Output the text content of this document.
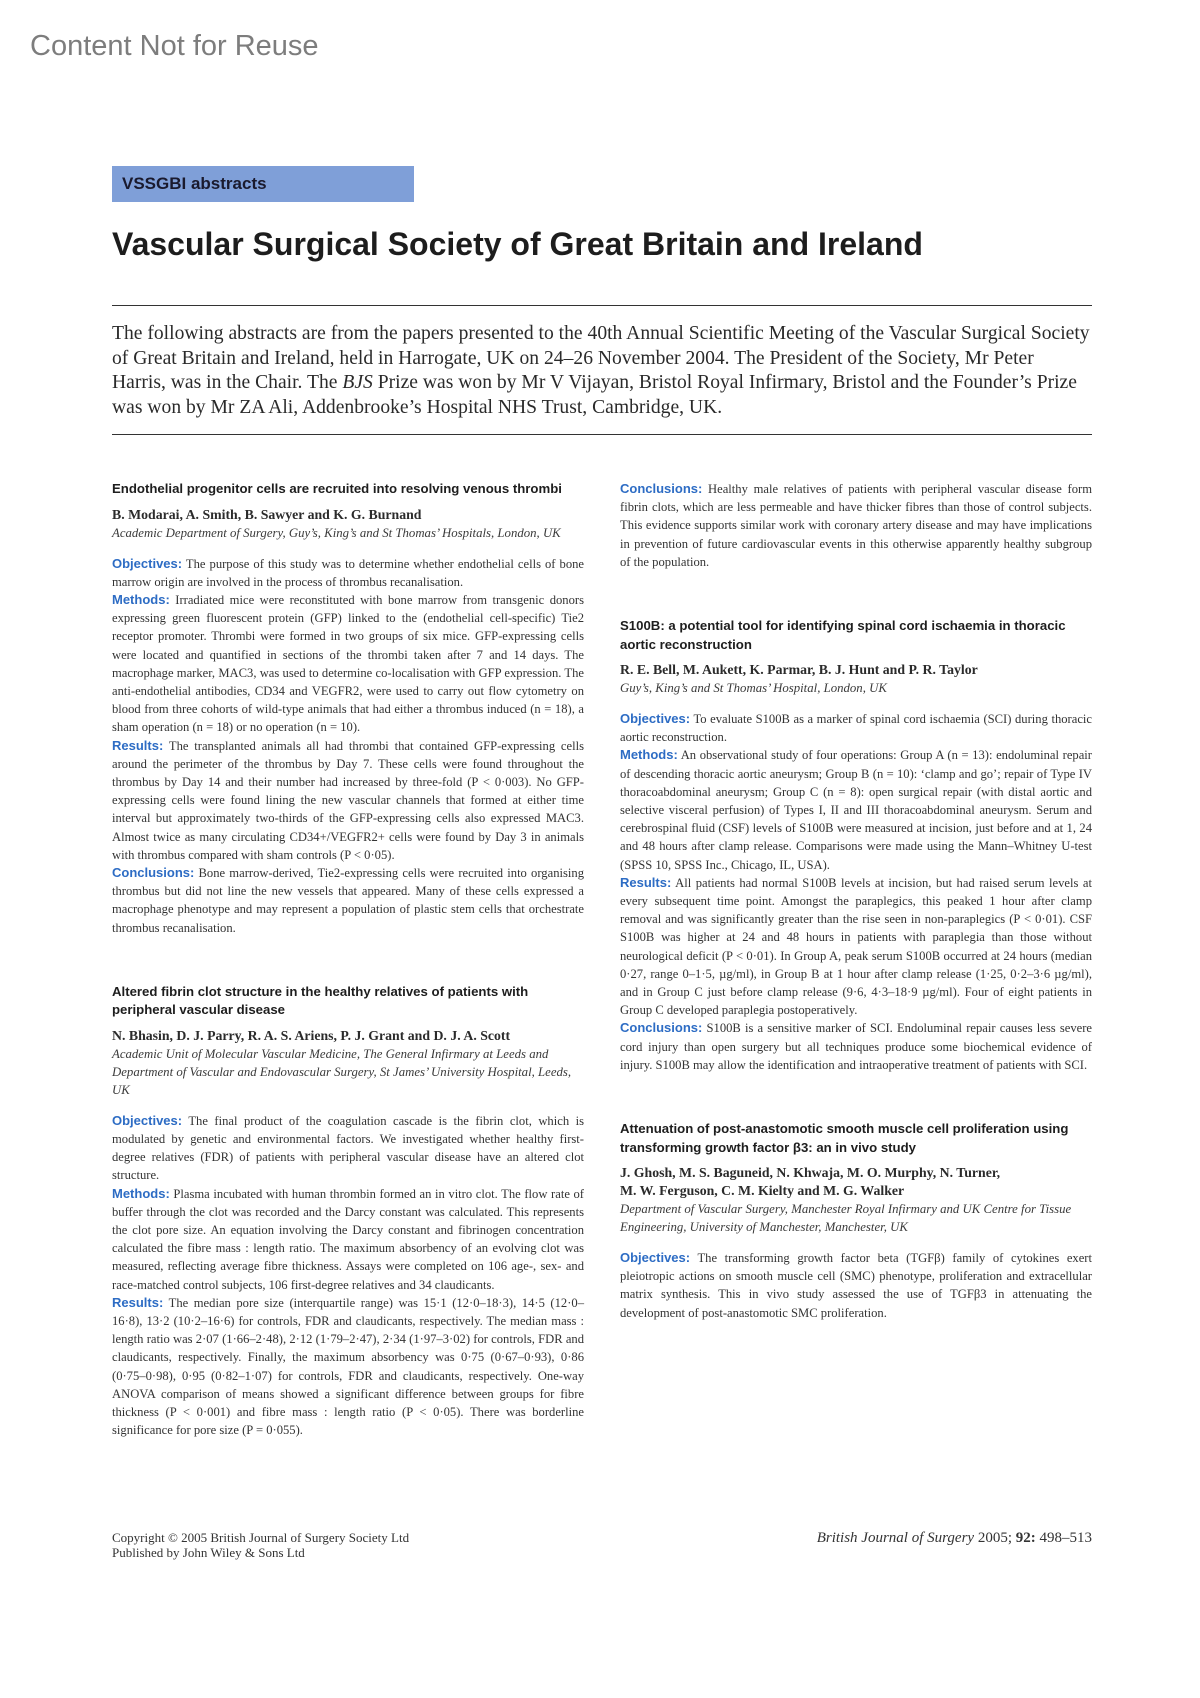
Content Not for Reuse
VSSGBI abstracts
Vascular Surgical Society of Great Britain and Ireland
The following abstracts are from the papers presented to the 40th Annual Scientific Meeting of the Vascular Surgical Society of Great Britain and Ireland, held in Harrogate, UK on 24–26 November 2004. The President of the Society, Mr Peter Harris, was in the Chair. The BJS Prize was won by Mr V Vijayan, Bristol Royal Infirmary, Bristol and the Founder’s Prize was won by Mr ZA Ali, Addenbrooke’s Hospital NHS Trust, Cambridge, UK.

Endothelial progenitor cells are recruited into resolving venous thrombi

B. Modarai, A. Smith, B. Sawyer and K. G. Burnand

Academic Department of Surgery, Guy’s, King’s and St Thomas’ Hospitals, London, UK

Objectives: The purpose of this study was to determine whether endothelial cells of bone marrow origin are involved in the process of thrombus recanalisation.

Methods: Irradiated mice were reconstituted with bone marrow from transgenic donors expressing green fluorescent protein (GFP) linked to the (endothelial cell-specific) Tie2 receptor promoter. Thrombi were formed in two groups of six mice. GFP-expressing cells were located and quantified in sections of the thrombi taken after 7 and 14 days. The macrophage marker, MAC3, was used to determine co-localisation with GFP expression. The anti-endothelial antibodies, CD34 and VEGFR2, were used to carry out flow cytometry on blood from three cohorts of wild-type animals that had either a thrombus induced (n = 18), a sham operation (n = 18) or no operation (n = 10).

Results: The transplanted animals all had thrombi that contained GFP-expressing cells around the perimeter of the thrombus by Day 7. These cells were found throughout the thrombus by Day 14 and their number had increased by three-fold (P < 0·003). No GFP-expressing cells were found lining the new vascular channels that formed at either time interval but approximately two-thirds of the GFP-expressing cells also expressed MAC3. Almost twice as many circulating CD34+/VEGFR2+ cells were found by Day 3 in animals with thrombus compared with sham controls (P < 0·05).

Conclusions: Bone marrow-derived, Tie2-expressing cells were recruited into organising thrombus but did not line the new vessels that appeared. Many of these cells expressed a macrophage phenotype and may represent a population of plastic stem cells that orchestrate thrombus recanalisation.

Altered fibrin clot structure in the healthy relatives of patients with peripheral vascular disease

N. Bhasin, D. J. Parry, R. A. S. Ariens, P. J. Grant and D. J. A. Scott

Academic Unit of Molecular Vascular Medicine, The General Infirmary at Leeds and Department of Vascular and Endovascular Surgery, St James’ University Hospital, Leeds, UK

Objectives: The final product of the coagulation cascade is the fibrin clot, which is modulated by genetic and environmental factors. We investigated whether healthy first-degree relatives (FDR) of patients with peripheral vascular disease have an altered clot structure.

Methods: Plasma incubated with human thrombin formed an in vitro clot. The flow rate of buffer through the clot was recorded and the Darcy constant was calculated. This represents the clot pore size. An equation involving the Darcy constant and fibrinogen concentration calculated the fibre mass : length ratio. The maximum absorbency of an evolving clot was measured, reflecting average fibre thickness. Assays were completed on 106 age-, sex- and race-matched control subjects, 106 first-degree relatives and 34 claudicants.

Results: The median pore size (interquartile range) was 15·1 (12·0–18·3), 14·5 (12·0–16·8), 13·2 (10·2–16·6) for controls, FDR and claudicants, respectively. The median mass : length ratio was 2·07 (1·66–2·48), 2·12 (1·79–2·47), 2·34 (1·97–3·02) for controls, FDR and claudicants, respectively. Finally, the maximum absorbency was 0·75 (0·67–0·93), 0·86 (0·75–0·98), 0·95 (0·82–1·07) for controls, FDR and claudicants, respectively. One-way ANOVA comparison of means showed a significant difference between groups for fibre thickness (P < 0·001) and fibre mass : length ratio (P < 0·05). There was borderline significance for pore size (P = 0·055).

Conclusions: Healthy male relatives of patients with peripheral vascular disease form fibrin clots, which are less permeable and have thicker fibres than those of control subjects. This evidence supports similar work with coronary artery disease and may have implications in prevention of future cardiovascular events in this otherwise apparently healthy subgroup of the population.

S100B: a potential tool for identifying spinal cord ischaemia in thoracic aortic reconstruction

R. E. Bell, M. Aukett, K. Parmar, B. J. Hunt and P. R. Taylor

Guy’s, King’s and St Thomas’ Hospital, London, UK

Objectives: To evaluate S100B as a marker of spinal cord ischaemia (SCI) during thoracic aortic reconstruction.

Methods: An observational study of four operations: Group A (n = 13): endoluminal repair of descending thoracic aortic aneurysm; Group B (n = 10): ‘clamp and go’; repair of Type IV thoracoabdominal aneurysm; Group C (n = 8): open surgical repair (with distal aortic and selective visceral perfusion) of Types I, II and III thoracoabdominal aneurysm. Serum and cerebrospinal fluid (CSF) levels of S100B were measured at incision, just before and at 1, 24 and 48 hours after clamp release. Comparisons were made using the Mann–Whitney U-test (SPSS 10, SPSS Inc., Chicago, IL, USA).

Results: All patients had normal S100B levels at incision, but had raised serum levels at every subsequent time point. Amongst the paraplegics, this peaked 1 hour after clamp removal and was significantly greater than the rise seen in non-paraplegics (P < 0·01). CSF S100B was higher at 24 and 48 hours in patients with paraplegia than those without neurological deficit (P < 0·01). In Group A, peak serum S100B occurred at 24 hours (median 0·27, range 0–1·5, µg/ml), in Group B at 1 hour after clamp release (1·25, 0·2–3·6 µg/ml), and in Group C just before clamp release (9·6, 4·3–18·9 µg/ml). Four of eight patients in Group C developed paraplegia postoperatively.

Conclusions: S100B is a sensitive marker of SCI. Endoluminal repair causes less severe cord injury than open surgery but all techniques produce some biochemical evidence of injury. S100B may allow the identification and intraoperative treatment of patients with SCI.

Attenuation of post-anastomotic smooth muscle cell proliferation using transforming growth factor β3: an in vivo study

J. Ghosh, M. S. Baguneid, N. Khwaja, M. O. Murphy, N. Turner,

M. W. Ferguson, C. M. Kielty and M. G. Walker

Department of Vascular Surgery, Manchester Royal Infirmary and UK Centre for Tissue Engineering, University of Manchester, Manchester, UK

Objectives: The transforming growth factor beta (TGFβ) family of cytokines exert pleiotropic actions on smooth muscle cell (SMC) phenotype, proliferation and extracellular matrix synthesis. This in vivo study assessed the use of TGFβ3 in attenuating the development of post-anastomotic SMC proliferation.

Copyright © 2005 British Journal of Surgery Society Ltd
Published by John Wiley & Sons Ltd
British Journal of Surgery 2005; 92: 498–513
